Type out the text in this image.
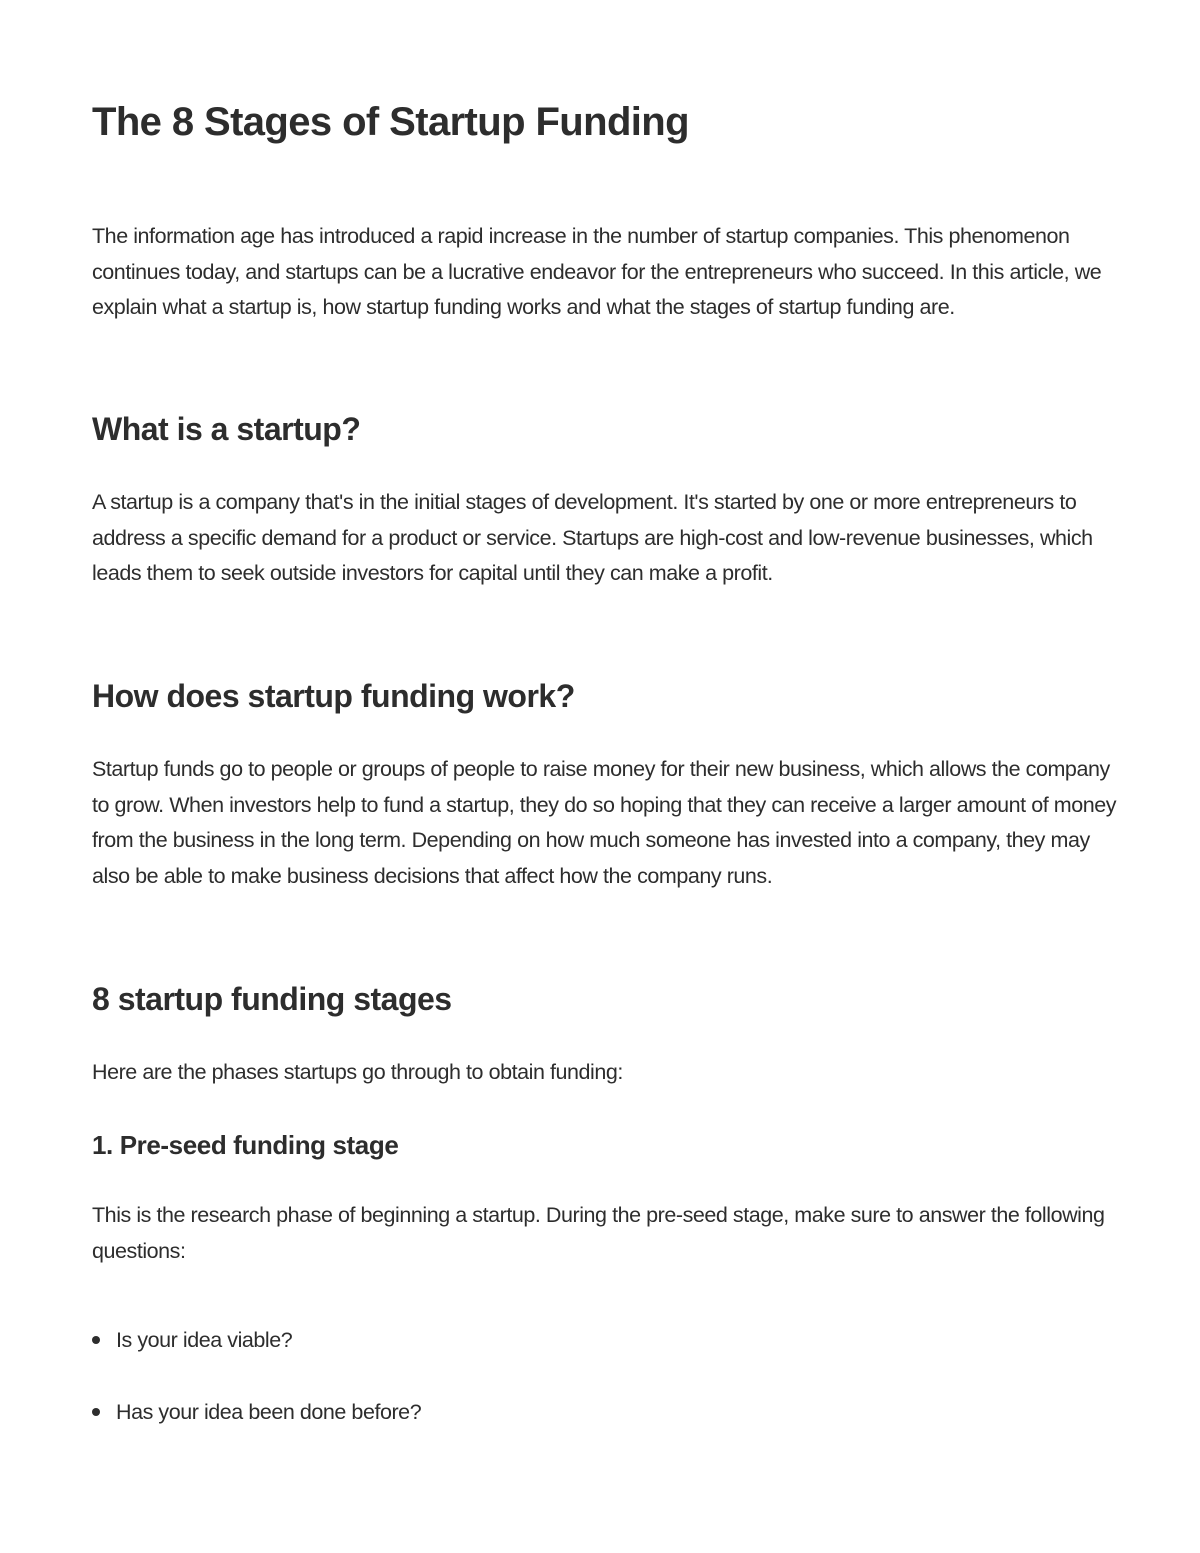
The 8 Stages of Startup Funding

The information age has introduced a rapid increase in the number of startup companies. This phenomenon continues today, and startups can be a lucrative endeavor for the entrepreneurs who succeed. In this article, we explain what a startup is, how startup funding works and what the stages of startup funding are.

What is a startup?

A startup is a company that's in the initial stages of development. It's started by one or more entrepreneurs to address a specific demand for a product or service. Startups are high-cost and low-revenue businesses, which leads them to seek outside investors for capital until they can make a profit.

How does startup funding work?

Startup funds go to people or groups of people to raise money for their new business, which allows the company to grow. When investors help to fund a startup, they do so hoping that they can receive a larger amount of money from the business in the long term. Depending on how much someone has invested into a company, they may also be able to make business decisions that affect how the company runs.

8 startup funding stages

Here are the phases startups go through to obtain funding:

1. Pre-seed funding stage

This is the research phase of beginning a startup. During the pre-seed stage, make sure to answer the following questions:

Is your idea viable?
Has your idea been done before?
